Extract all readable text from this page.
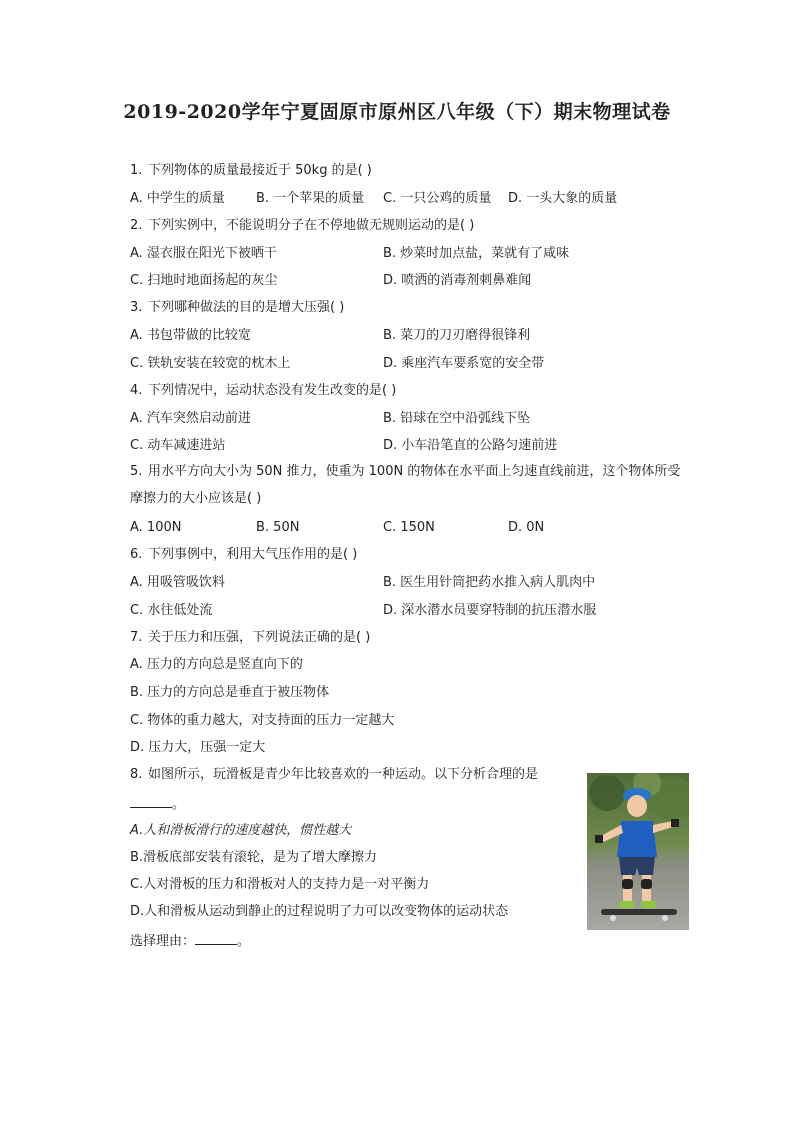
2019-2020学年宁夏固原市原州区八年级（下）期末物理试卷
1. 下列物体的质量最接近于 50kg 的是( )
A. 中学生的质量 B. 一个苹果的质量 C. 一只公鸡的质量 D. 一头大象的质量
2. 下列实例中，不能说明分子在不停地做无规则运动的是( )
A. 湿衣服在阳光下被晒干	B. 炒菜时加点盐，菜就有了咸味
C. 扫地时地面扬起的灰尘	D. 喷洒的消毒剂刺鼻难闻
3. 下列哪种做法的目的是增大压强( )
A. 书包带做的比较宽	B. 菜刀的刀刃磨得很锋利
C. 铁轨安装在较宽的枕木上	D. 乘座汽车要系宽的安全带
4. 下列情况中，运动状态没有发生改变的是( )
A. 汽车突然启动前进	B. 铅球在空中沿弧线下坠
C. 动车减速进站	D. 小车沿笔直的公路匀速前进
5. 用水平方向大小为 50N 推力，使重为 100N 的物体在水平面上匀速直线前进，这个物体所受摩擦力的大小应该是( )
A. 100N	B. 50N	C. 150N	D. 0N
6. 下列事例中，利用大气压作用的是( )
A. 用吸管吸饮料	B. 医生用针筒把药水推入病人肌肉中
C. 水往低处流	D. 深水潜水员要穿特制的抗压潜水服
7. 关于压力和压强，下列说法正确的是( )
A. 压力的方向总是竖直向下的
B. 压力的方向总是垂直于被压物体
C. 物体的重力越大，对支持面的压力一定越大
D. 压力大，压强一定大
8. 如图所示，玩滑板是青少年比较喜欢的一种运动。以下分析合理的是
。
A.人和滑板滑行的速度越快，惯性越大
B.滑板底部安装有滚轮，是为了增大摩擦力
C.人对滑板的压力和滑板对人的支持力是一对平衡力
D.人和滑板从运动到静止的过程说明了力可以改变物体的运动状态
选择理由：	。
